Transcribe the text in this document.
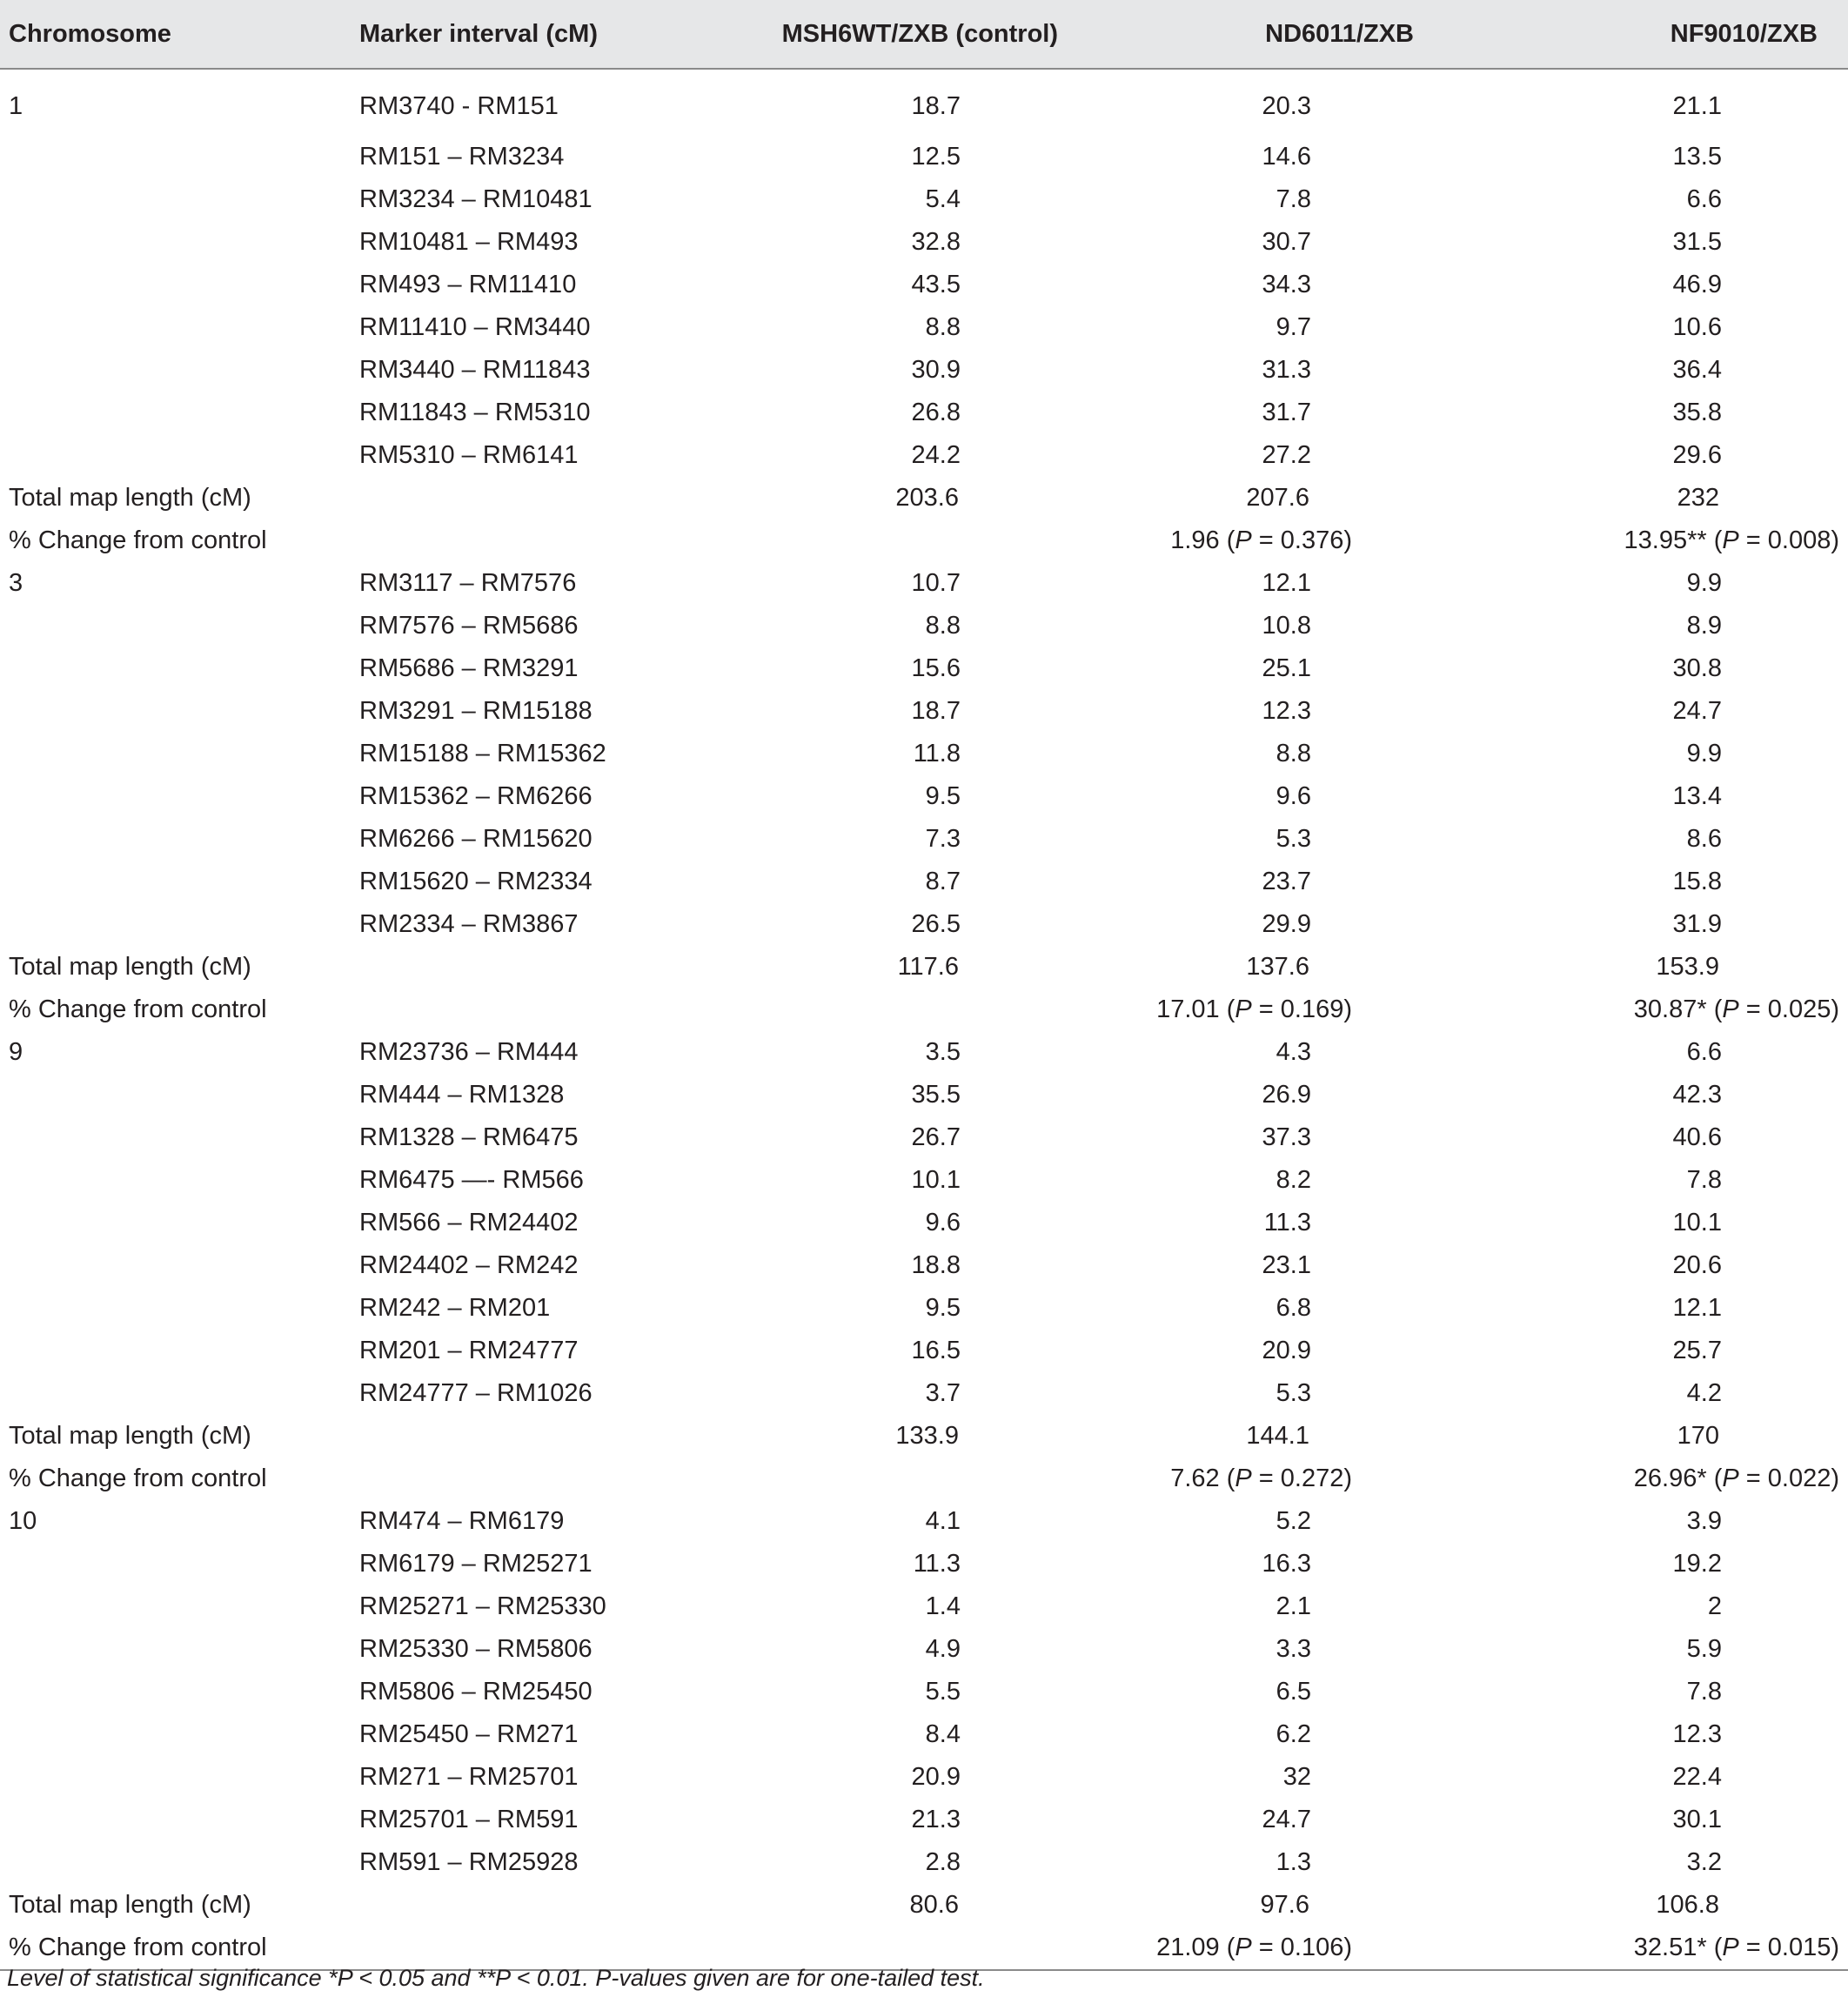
Chromosome	Marker interval (cM)	MSH6WT/ZXB (control)	ND6011/ZXB	NF9010/ZXB
1	RM3740 - RM151	18.7	20.3	21.1
	RM151 – RM3234	12.5	14.6	13.5
	RM3234 – RM10481	5.4	7.8	6.6
	RM10481 – RM493	32.8	30.7	31.5
	RM493 – RM11410	43.5	34.3	46.9
	RM11410 – RM3440	8.8	9.7	10.6
	RM3440 – RM11843	30.9	31.3	36.4
	RM11843 – RM5310	26.8	31.7	35.8
	RM5310 – RM6141	24.2	27.2	29.6
Total map length (cM)		203.6	207.6	232
% Change from control			1.96 (P = 0.376)	13.95** (P = 0.008)
3	RM3117 – RM7576	10.7	12.1	9.9
	RM7576 – RM5686	8.8	10.8	8.9
	RM5686 – RM3291	15.6	25.1	30.8
	RM3291 – RM15188	18.7	12.3	24.7
	RM15188 – RM15362	11.8	8.8	9.9
	RM15362 – RM6266	9.5	9.6	13.4
	RM6266 – RM15620	7.3	5.3	8.6
	RM15620 – RM2334	8.7	23.7	15.8
	RM2334 – RM3867	26.5	29.9	31.9
Total map length (cM)		117.6	137.6	153.9
% Change from control			17.01 (P = 0.169)	30.87* (P = 0.025)
9	RM23736 – RM444	3.5	4.3	6.6
	RM444 – RM1328	35.5	26.9	42.3
	RM1328 – RM6475	26.7	37.3	40.6
	RM6475 —- RM566	10.1	8.2	7.8
	RM566 – RM24402	9.6	11.3	10.1
	RM24402 – RM242	18.8	23.1	20.6
	RM242 – RM201	9.5	6.8	12.1
	RM201 – RM24777	16.5	20.9	25.7
	RM24777 – RM1026	3.7	5.3	4.2
Total map length (cM)		133.9	144.1	170
% Change from control			7.62 (P = 0.272)	26.96* (P = 0.022)
10	RM474 – RM6179	4.1	5.2	3.9
	RM6179 – RM25271	11.3	16.3	19.2
	RM25271 – RM25330	1.4	2.1	2
	RM25330 – RM5806	4.9	3.3	5.9
	RM5806 – RM25450	5.5	6.5	7.8
	RM25450 – RM271	8.4	6.2	12.3
	RM271 – RM25701	20.9	32	22.4
	RM25701 – RM591	21.3	24.7	30.1
	RM591 – RM25928	2.8	1.3	3.2
Total map length (cM)		80.6	97.6	106.8
% Change from control			21.09 (P = 0.106)	32.51* (P = 0.015)
Level of statistical significance *P < 0.05 and **P < 0.01. P-values given are for one-tailed test.
